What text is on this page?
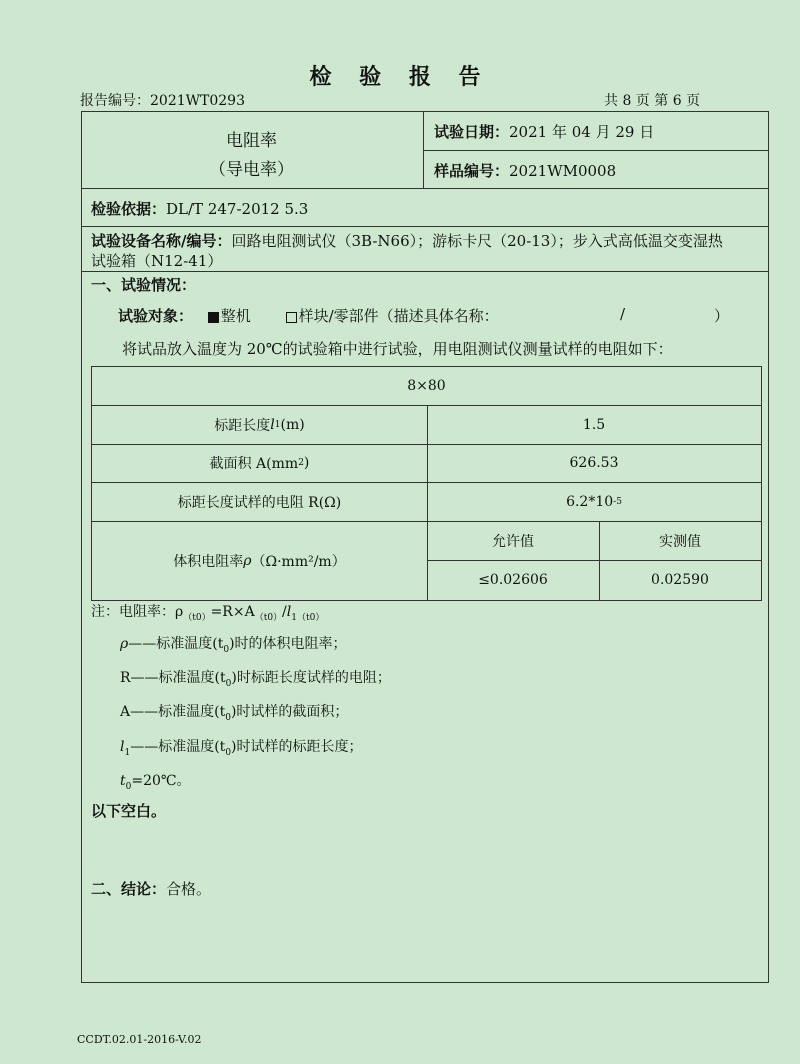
检 验 报 告
报告编号：2021WT0293	共 8 页 第 6 页
电阻率
（导电率）
试验日期：2021 年 04 月 29 日
样品编号：2021WM0008
检验依据：DL/T 247-2012 5.3
试验设备名称/编号：回路电阻测试仪（3B-N66）；游标卡尺（20-13）；步入式高低温交变湿热
试验箱（N12-41）
一、试验情况：
试验对象： 整机	样块/零部件（描述具体名称：	/	）
将试品放入温度为 20℃的试验箱中进行试验，用电阻测试仪测量试样的电阻如下：
8×80
标距长度 l 1 (m)	1.5
截面积 A(mm 2 )	626.53
标距长度试样的电阻 R(Ω)	6.2*10 -5
体积电阻率 ρ （Ω·mm²/m）
允许值	实测值
≤0.02606	0.02590
注：电阻率：$\rho_{(t0)}=R\times A_{(t0)}/l_{1(t0)}$
ρ——标准温度$(t_0)$时的体积电阻率；
R——标准温度$(t_0)$时标距长度试样的电阻；
A——标准温度$(t_0)$时试样的截面积；
$l_1——$标准温度$(t_0)$时试样的标距长度；
$t_0=20℃$。
以下空白。
二、结论：合格。
CCDT.02.01-2016-V.02
